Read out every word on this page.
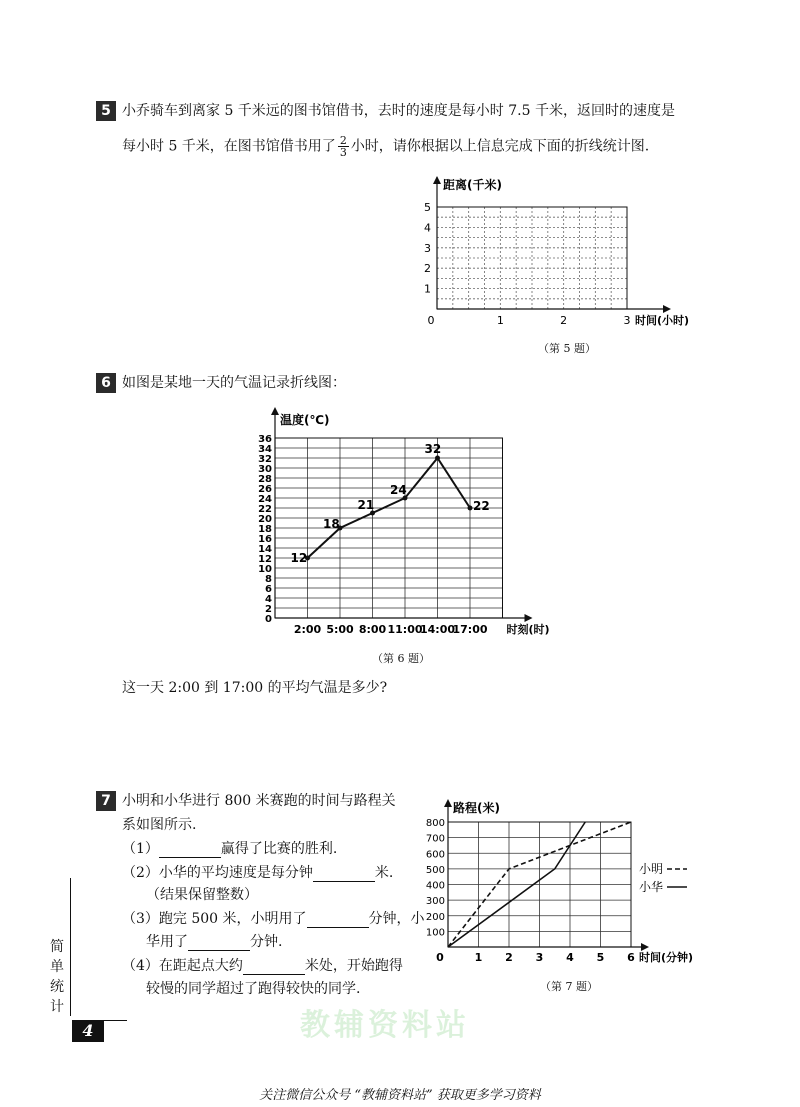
5 小乔骑车到离家 5 千米远的图书馆借书，去时的速度是每小时 7.5 千米，返回时的速度是
每小时 5 千米，在图书馆借书用了 $\frac{2}{3}$ 小时，请你根据以上信息完成下面的折线统计图.
距离(千米)
1
2
3
4
5
0	1	2	3 时间(小时)
（第 5 题）
6 如图是某地一天的气温记录折线图：
温度(℃)
0
2
4
6
8
10
12
14
16
18
20
22
24
26
28
30
32
34
36
2:00 5:00 8:00 11:00
14:00
17:00 时刻(时)
12
18
21
24
32
22
（第 6 题）
这一天 2:00 到 17:00 的平均气温是多少?
7 小明和小华进行 800 米赛跑的时间与路程关
系如图所示.
（1）	赢得了比赛的胜利.
（2）小华的平均速度是每分钟	米.
（结果保留整数）
（3）跑完 500 米，小明用了	分钟，小
华用了	分钟.
（4）在距起点大约	米处，开始跑得
较慢的同学超过了跑得较快的同学.
路程(米)
100
200
300
400
500
600
700
800
0	1 2 3 4 5 6 时间(分钟)
小明
小华
（第 7 题）
教辅资料站
简
单
统
计
4
关注微信公众号 “教辅资料站” 获取更多学习资料
